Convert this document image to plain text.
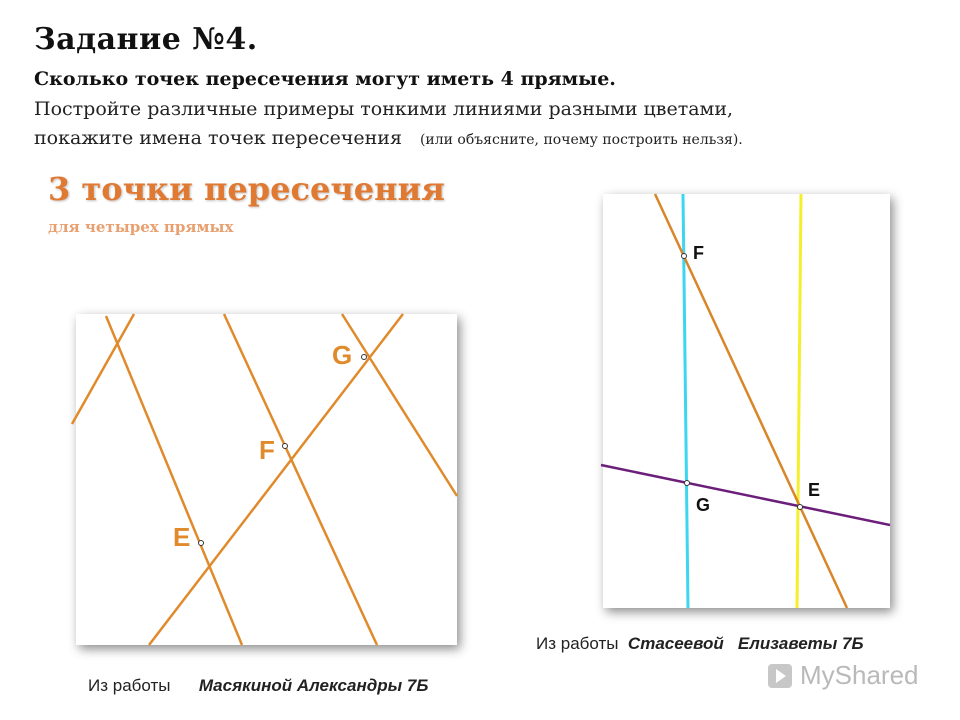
Задание №4.
Сколько точек пересечения могут иметь 4 прямые.
Постройте различные примеры тонкими линиями разными цветами,
покажите имена точек пересечения (или объясните, почему построить нельзя).
3 точки пересечения
для четырех прямых
E
F
G
F
G
E
Из работы Стасеевой Елизаветы 7Б
Из работы Масякиной Александры 7Б	MyShared
